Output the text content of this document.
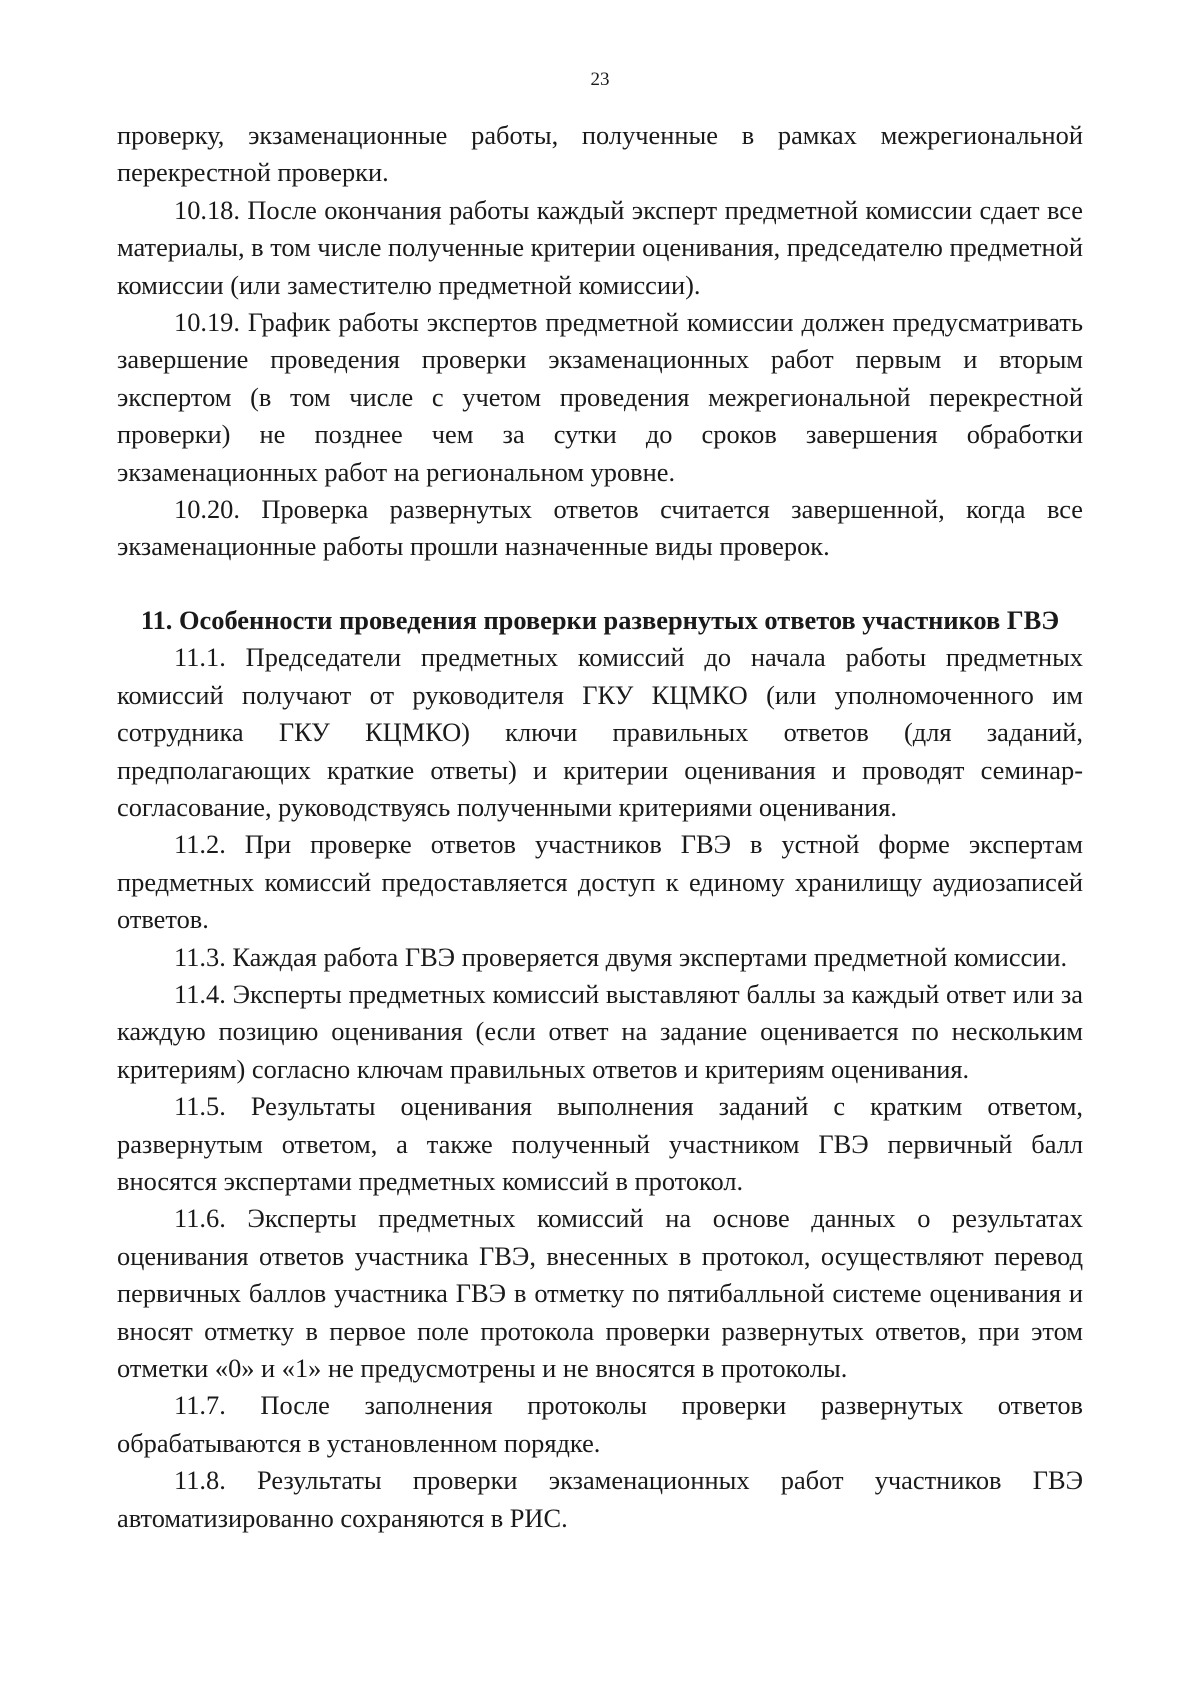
23

проверку, экзаменационные работы, полученные в рамках межрегиональной перекрестной проверки.

10.18. После окончания работы каждый эксперт предметной комиссии сдает все материалы, в том числе полученные критерии оценивания, председателю предметной комиссии (или заместителю предметной комиссии).

10.19. График работы экспертов предметной комиссии должен предусматривать завершение проведения проверки экзаменационных работ первым и вторым экспертом (в том числе с учетом проведения межрегиональной перекрестной проверки) не позднее чем за сутки до сроков завершения обработки экзаменационных работ на региональном уровне.

10.20. Проверка развернутых ответов считается завершенной, когда все экзаменационные работы прошли назначенные виды проверок.

11. Особенности проведения проверки развернутых ответов участников ГВЭ

11.1. Председатели предметных комиссий до начала работы предметных комиссий получают от руководителя ГКУ КЦМКО (или уполномоченного им сотрудника ГКУ КЦМКО) ключи правильных ответов (для заданий, предполагающих краткие ответы) и критерии оценивания и проводят семинар-согласование, руководствуясь полученными критериями оценивания.

11.2. При проверке ответов участников ГВЭ в устной форме экспертам предметных комиссий предоставляется доступ к единому хранилищу аудиозаписей ответов.

11.3. Каждая работа ГВЭ проверяется двумя экспертами предметной комиссии.

11.4. Эксперты предметных комиссий выставляют баллы за каждый ответ или за каждую позицию оценивания (если ответ на задание оценивается по нескольким критериям) согласно ключам правильных ответов и критериям оценивания.

11.5. Результаты оценивания выполнения заданий с кратким ответом, развернутым ответом, а также полученный участником ГВЭ первичный балл вносятся экспертами предметных комиссий в протокол.

11.6. Эксперты предметных комиссий на основе данных о результатах оценивания ответов участника ГВЭ, внесенных в протокол, осуществляют перевод первичных баллов участника ГВЭ в отметку по пятибалльной системе оценивания и вносят отметку в первое поле протокола проверки развернутых ответов, при этом отметки «0» и «1» не предусмотрены и не вносятся в протоколы.

11.7. После заполнения протоколы проверки развернутых ответов обрабатываются в установленном порядке.

11.8. Результаты проверки экзаменационных работ участников ГВЭ автоматизированно сохраняются в РИС.
